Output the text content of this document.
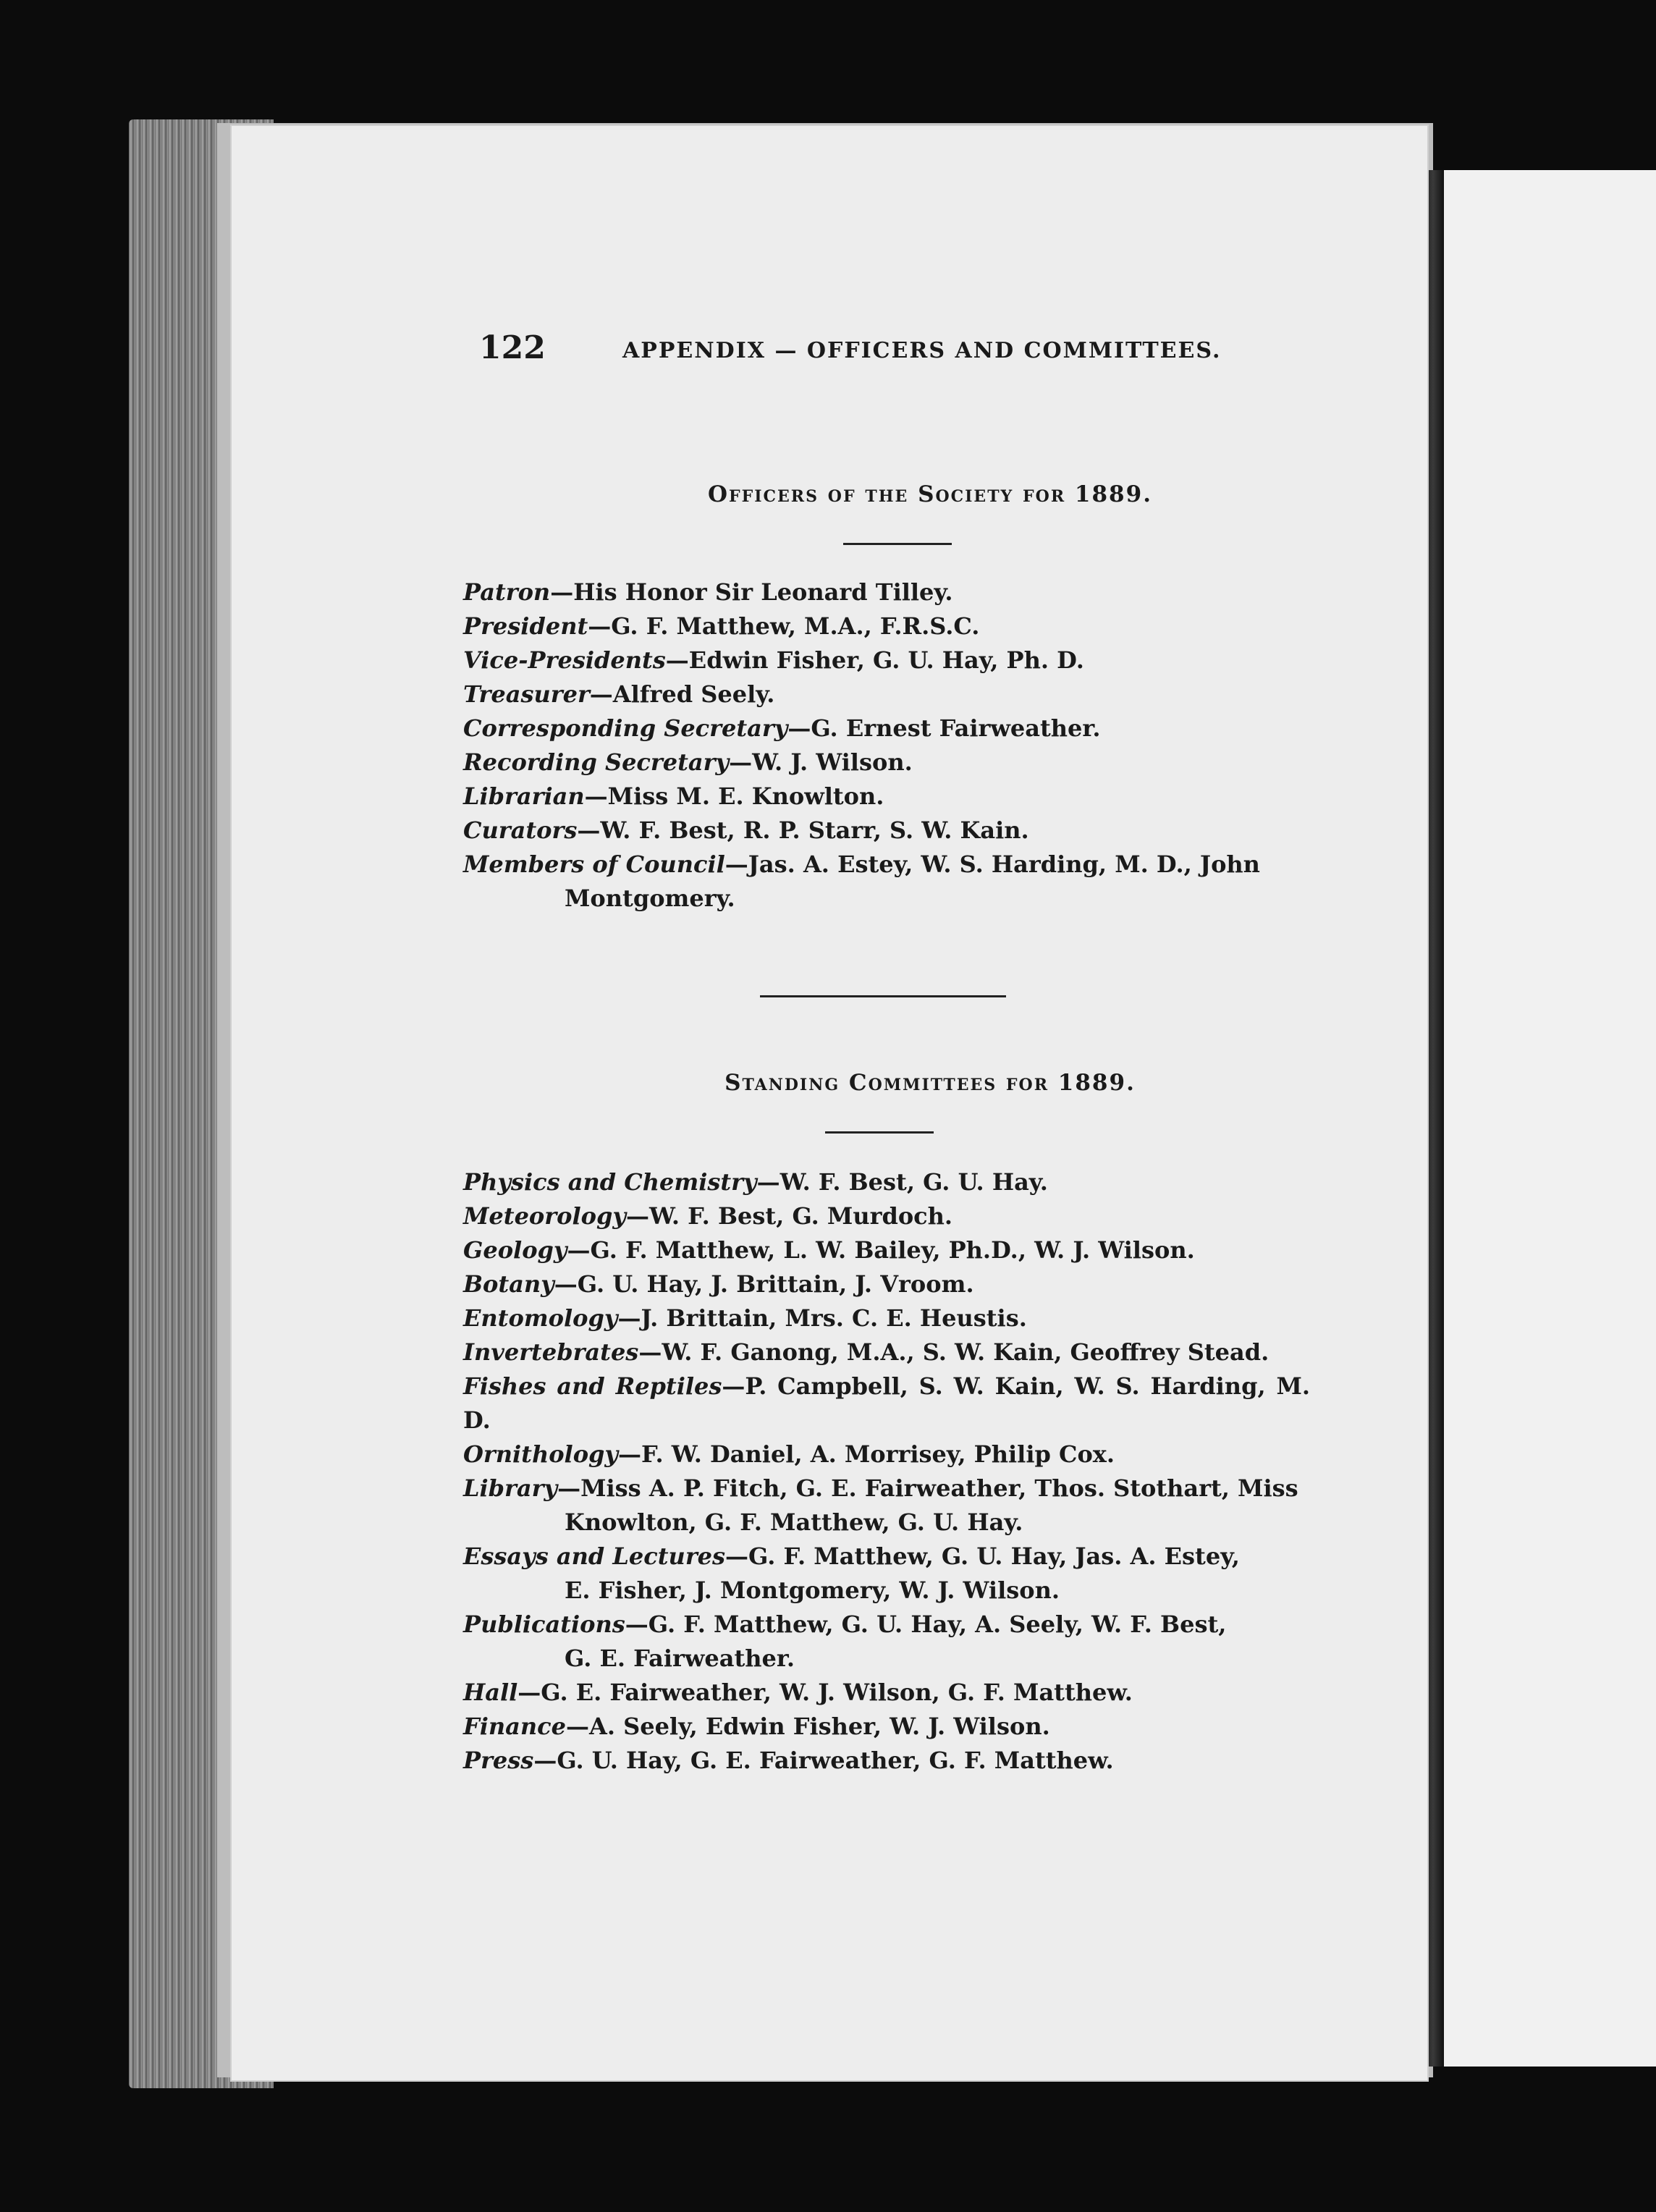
122	APPENDIX — OFFICERS AND COMMITTEES.
Officers of the Society for 1889.
Patron—His Honor Sir Leonard Tilley.
President—G. F. Matthew, M.A., F.R.S.C.
Vice-Presidents—Edwin Fisher, G. U. Hay, Ph. D.
Treasurer—Alfred Seely.
Corresponding Secretary—G. Ernest Fairweather.
Recording Secretary—W. J. Wilson.
Librarian—Miss M. E. Knowlton.
Curators—W. F. Best, R. P. Starr, S. W. Kain.
Members of Council—Jas. A. Estey, W. S. Harding, M. D., John
Montgomery.
Standing Committees for 1889.
Physics and Chemistry—W. F. Best, G. U. Hay.
Meteorology—W. F. Best, G. Murdoch.
Geology—G. F. Matthew, L. W. Bailey, Ph.D., W. J. Wilson.
Botany—G. U. Hay, J. Brittain, J. Vroom.
Entomology—J. Brittain, Mrs. C. E. Heustis.
Invertebrates—W. F. Ganong, M.A., S. W. Kain, Geoffrey Stead.
Fishes and Reptiles—P. Campbell, S. W. Kain, W. S. Harding, M. D.
Ornithology—F. W. Daniel, A. Morrisey, Philip Cox.
Library—Miss A. P. Fitch, G. E. Fairweather, Thos. Stothart, Miss
Knowlton, G. F. Matthew, G. U. Hay.
Essays and Lectures—G. F. Matthew, G. U. Hay, Jas. A. Estey,
E. Fisher, J. Montgomery, W. J. Wilson.
Publications—G. F. Matthew, G. U. Hay, A. Seely, W. F. Best,
G. E. Fairweather.
Hall—G. E. Fairweather, W. J. Wilson, G. F. Matthew.
Finance—A. Seely, Edwin Fisher, W. J. Wilson.
Press—G. U. Hay, G. E. Fairweather, G. F. Matthew.
